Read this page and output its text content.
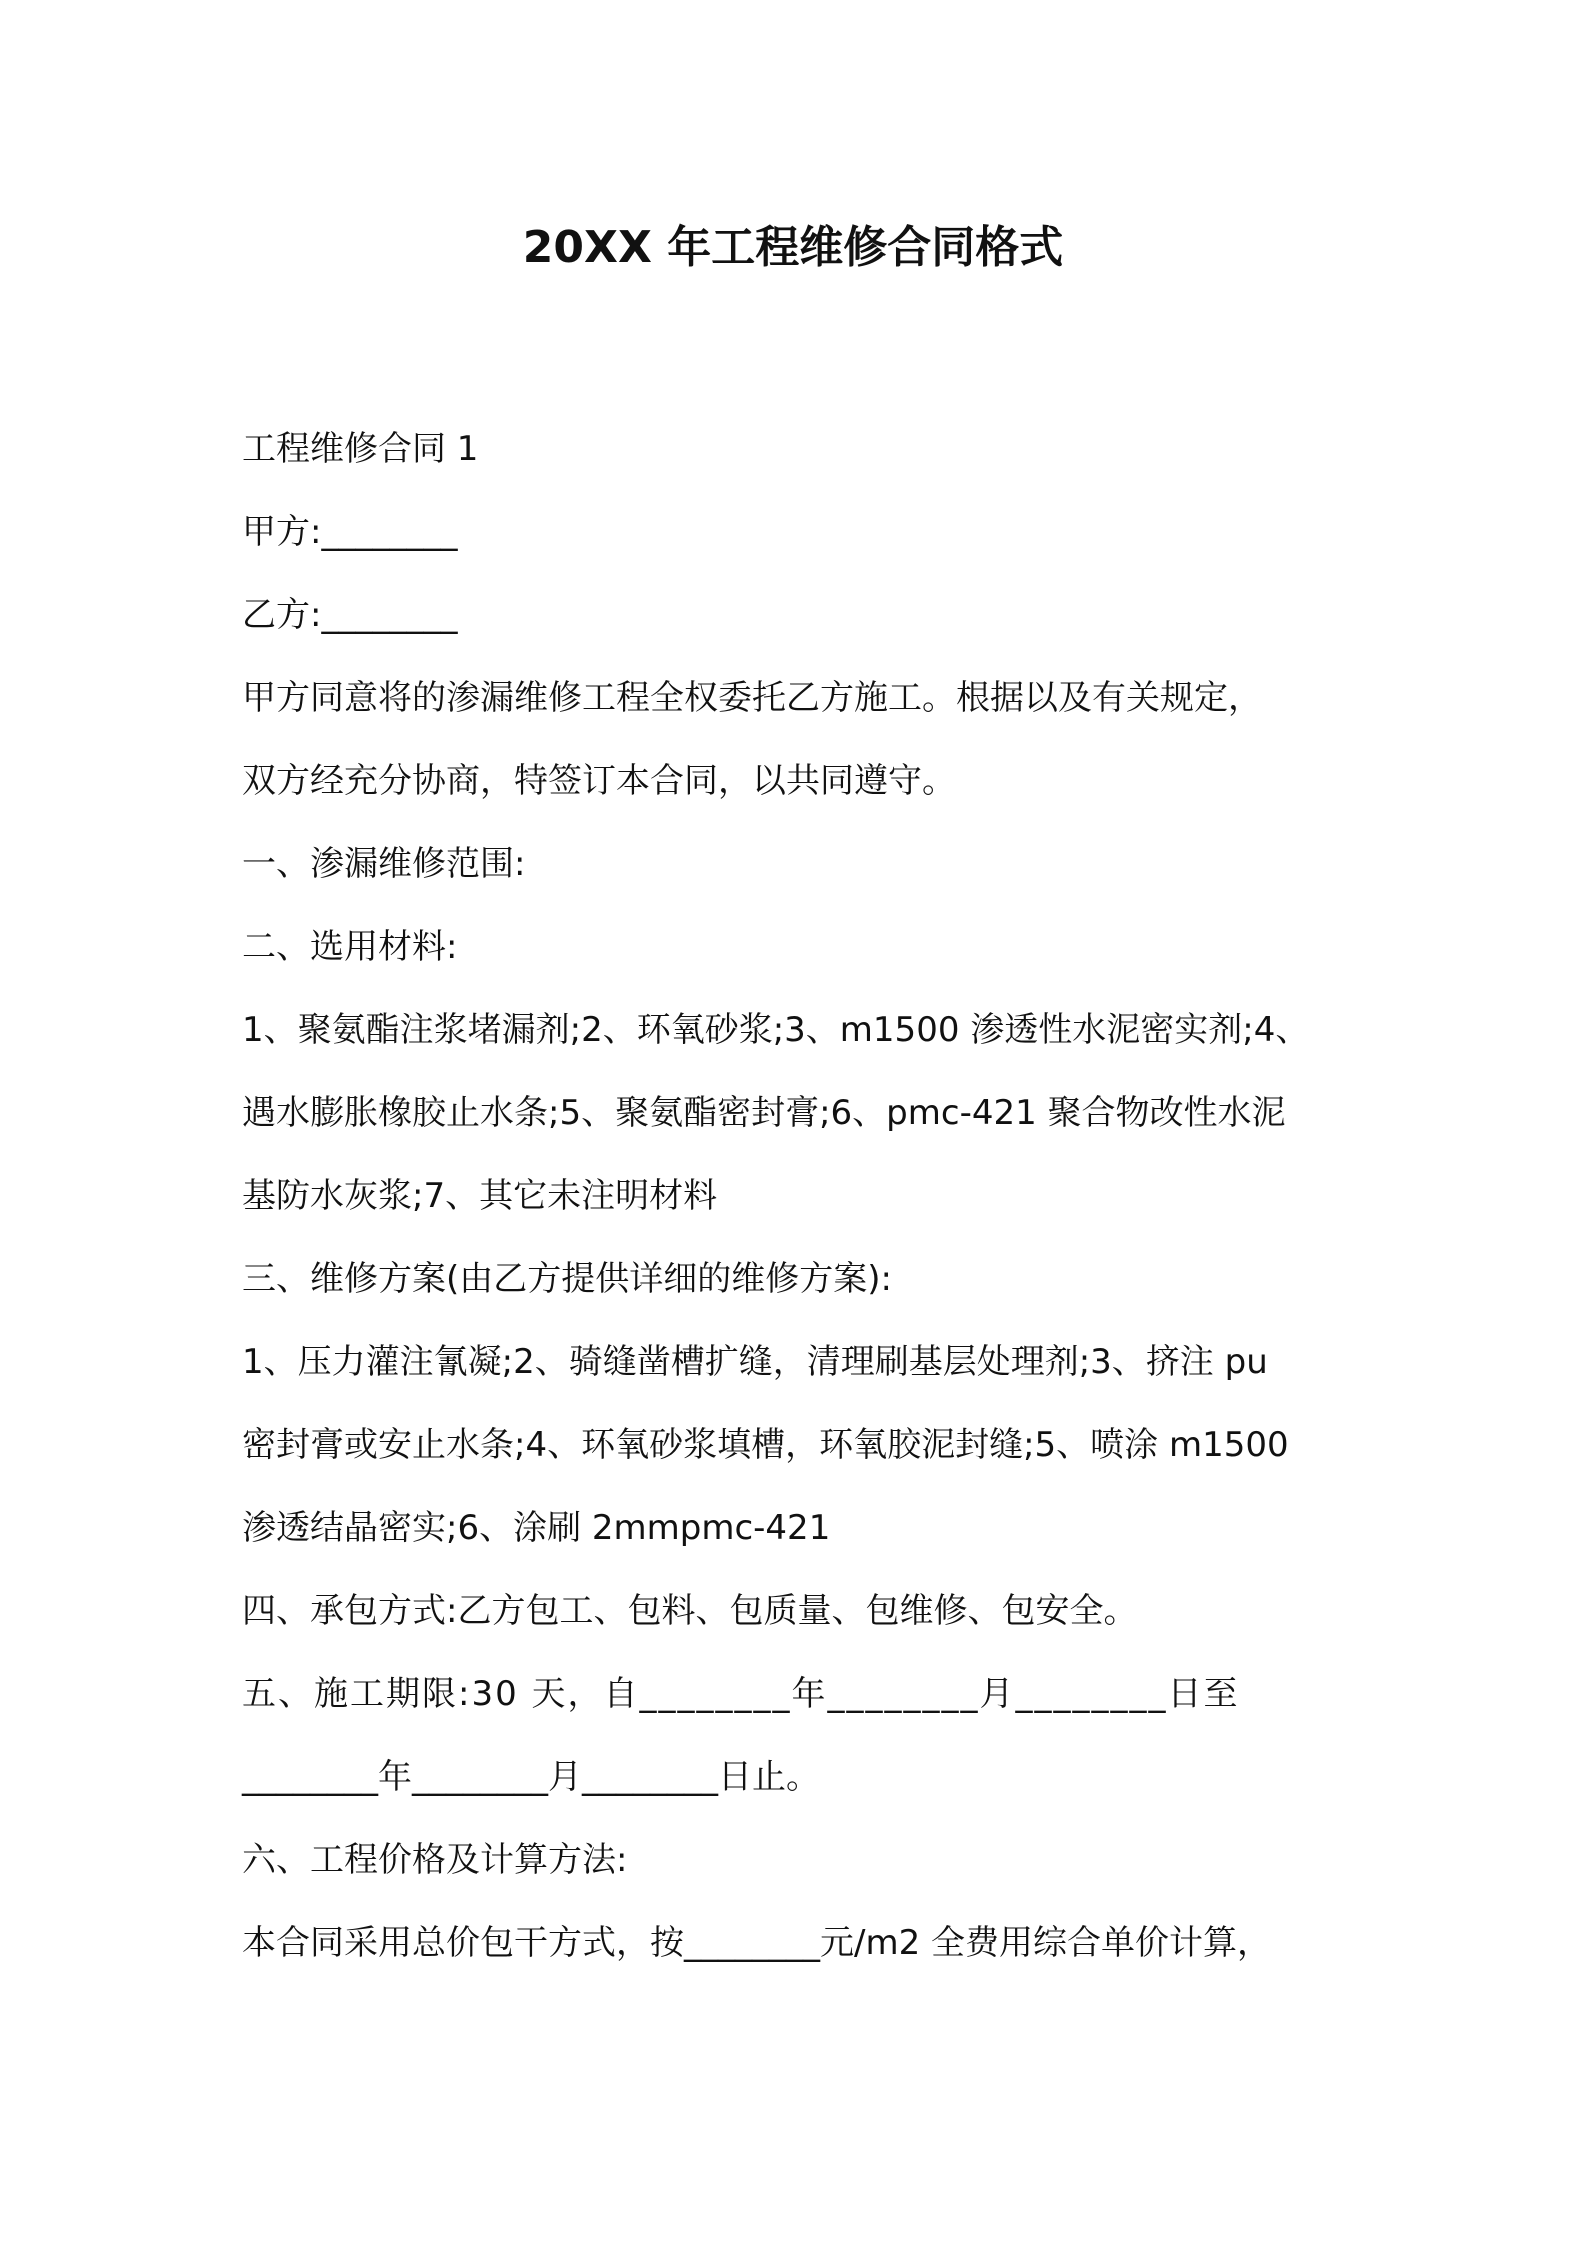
20XX 年工程维修合同格式
工程维修合同 1
甲方:________
乙方:________
甲方同意将的渗漏维修工程全权委托乙方施工。根据以及有关规定，
双方经充分协商，特签订本合同，以共同遵守。
一、渗漏维修范围:
二、选用材料:
1、聚氨酯注浆堵漏剂;2、环氧砂浆;3、m1500 渗透性水泥密实剂;4、
遇水膨胀橡胶止水条;5、聚氨酯密封膏;6、pmc-421 聚合物改性水泥
基防水灰浆;7、其它未注明材料
三、维修方案(由乙方提供详细的维修方案):
1、压力灌注氰凝;2、骑缝凿槽扩缝，清理刷基层处理剂;3、挤注 pu
密封膏或安止水条;4、环氧砂浆填槽，环氧胶泥封缝;5、喷涂 m1500
渗透结晶密实;6、涂刷 2mmpmc-421
四、承包方式:乙方包工、包料、包质量、包维修、包安全。
五、施工期限:30 天，自________年________月________日至
________年________月________日止。
六、工程价格及计算方法:
本合同采用总价包干方式，按________元/m2 全费用综合单价计算，
